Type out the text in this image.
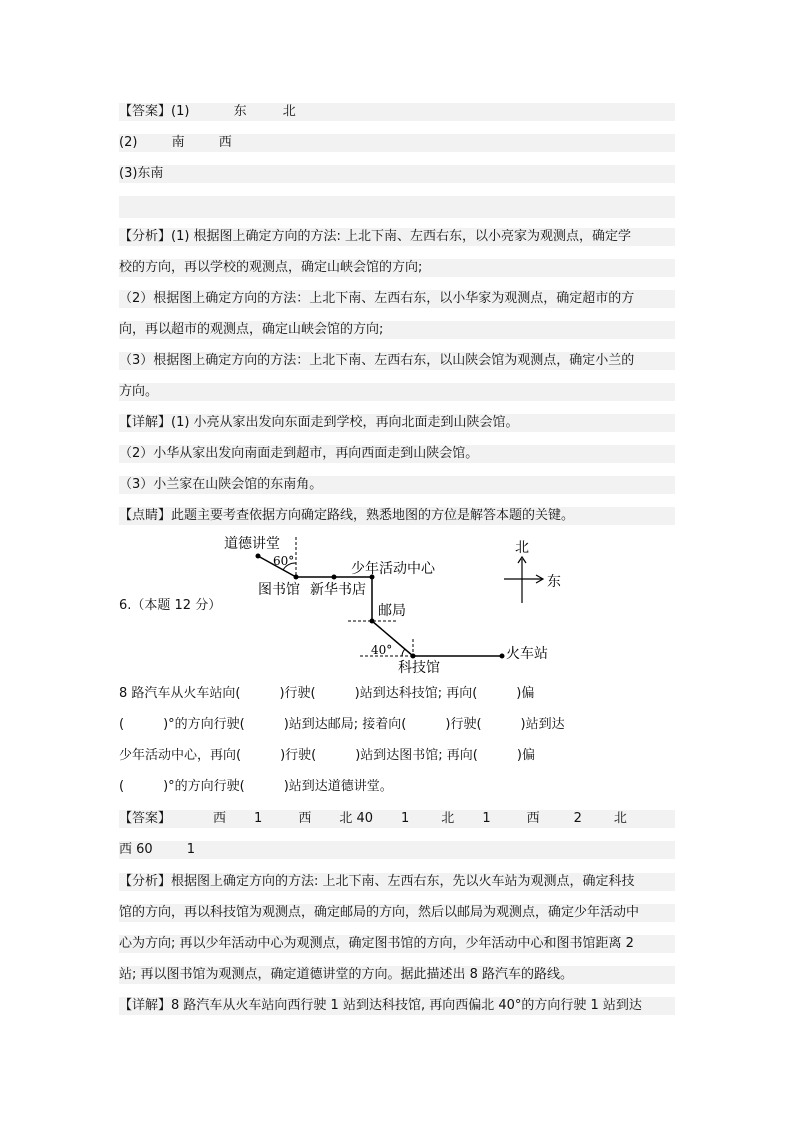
【答案】(1)	东	北
(2)	南	西
(3)东南
【分析】(1) 根据图上确定方向的方法: 上北下南、左西右东，以小亮家为观测点，确定学
校的方向，再以学校的观测点，确定山峡会馆的方向;
（2）根据图上确定方向的方法：上北下南、左西右东，以小华家为观测点，确定超市的方
向，再以超市的观测点，确定山峡会馆的方向;
（3）根据图上确定方向的方法：上北下南、左西右东，以山陕会馆为观测点，确定小兰的
方向。
【详解】(1) 小亮从家出发向东面走到学校，再向北面走到山陕会馆。
（2）小华从家出发向南面走到超市，再向西面走到山陕会馆。
（3）小兰家在山陕会馆的东南角。
【点睛】此题主要考查依据方向确定路线，熟悉地图的方位是解答本题的关键。
6.（本题 12 分）
道德讲堂
60°
图书馆 新华书店
少年活动中心
邮局
40°
科技馆
火车站
北
东
8 路汽车从火车站向(　　　)行驶(　　　)站到达科技馆; 再向(　　　)偏
(　　　)°的方向行驶(　　　)站到达邮局; 接着向(　　　)行驶(　　　)站到达
少年活动中心，再向(　　　)行驶(　　　)站到达图书馆; 再向(　　　)偏
(　　　)°的方向行驶(　　　)站到达道德讲堂。
【答案】	西 1	西 北 40 1 北 1	西	2 北
西 60	1
【分析】根据图上确定方向的方法: 上北下南、左西右东，先以火车站为观测点，确定科技
馆的方向，再以科技馆为观测点，确定邮局的方向，然后以邮局为观测点，确定少年活动中
心为方向; 再以少年活动中心为观测点，确定图书馆的方向，少年活动中心和图书馆距离 2
站; 再以图书馆为观测点，确定道德讲堂的方向。据此描述出 8 路汽车的路线。
【详解】8 路汽车从火车站向西行驶 1 站到达科技馆, 再向西偏北 40°的方向行驶 1 站到达
